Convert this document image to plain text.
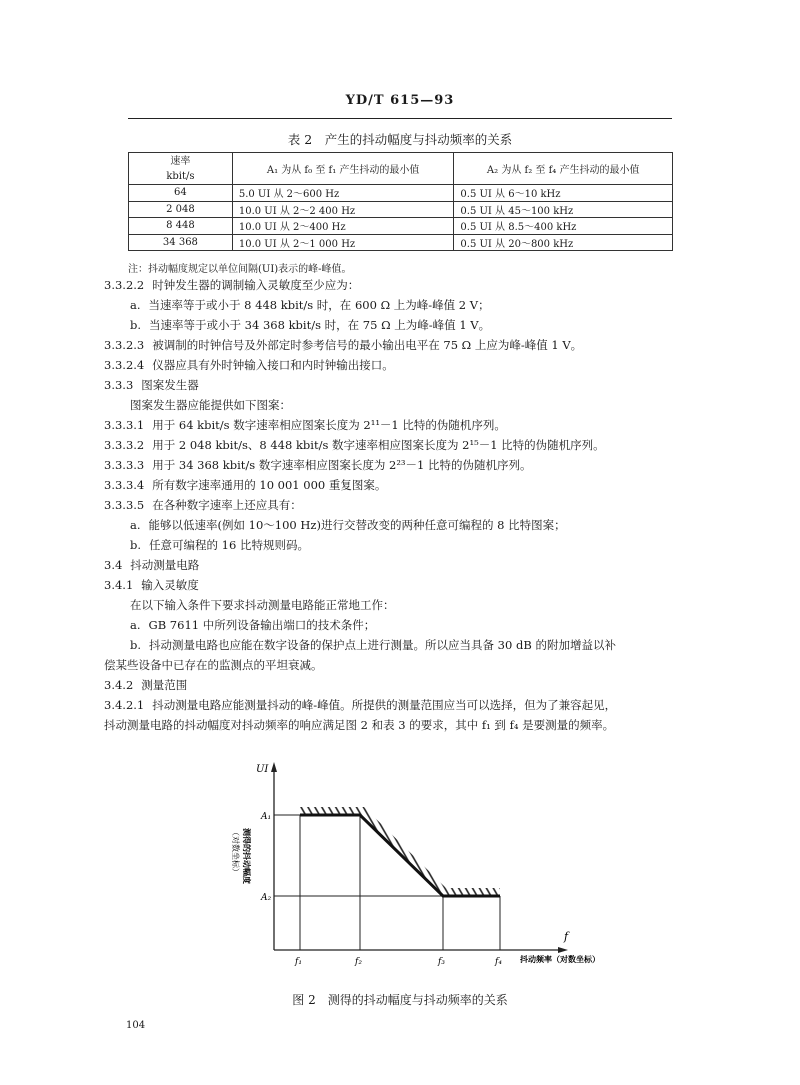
YD/T 615—93
表 2　产生的抖动幅度与抖动频率的关系
速率
kbit/s	A₁ 为从 f₀ 至 f₁ 产生抖动的最小值	A₂ 为从 f₂ 至 f₄ 产生抖动的最小值
64	5.0 UI 从 2～600 Hz	0.5 UI 从 6～10 kHz
2 048	10.0 UI 从 2～2 400 Hz	0.5 UI 从 45～100 kHz
8 448	10.0 UI 从 2～400 Hz	0.5 UI 从 8.5～400 kHz
34 368	10.0 UI 从 2～1 000 Hz	0.5 UI 从 20～800 kHz
注：抖动幅度规定以单位间隔(UI)表示的峰-峰值。
3.3.2.2 时钟发生器的调制输入灵敏度至少应为：
a. 当速率等于或小于 8 448 kbit/s 时，在 600 Ω 上为峰-峰值 2 V；
b. 当速率等于或小于 34 368 kbit/s 时，在 75 Ω 上为峰-峰值 1 V。
3.3.2.3 被调制的时钟信号及外部定时参考信号的最小输出电平在 75 Ω 上应为峰-峰值 1 V。
3.3.2.4 仪器应具有外时钟输入接口和内时钟输出接口。
3.3.3 图案发生器
图案发生器应能提供如下图案：
3.3.3.1 用于 64 kbit/s 数字速率相应图案长度为 2¹¹－1 比特的伪随机序列。
3.3.3.2 用于 2 048 kbit/s、8 448 kbit/s 数字速率相应图案长度为 2¹⁵－1 比特的伪随机序列。
3.3.3.3 用于 34 368 kbit/s 数字速率相应图案长度为 2²³－1 比特的伪随机序列。
3.3.3.4 所有数字速率通用的 10 001 000 重复图案。
3.3.3.5 在各种数字速率上还应具有：
a. 能够以低速率(例如 10～100 Hz)进行交替改变的两种任意可编程的 8 比特图案；
b. 任意可编程的 16 比特规则码。
3.4 抖动测量电路
3.4.1 输入灵敏度
在以下输入条件下要求抖动测量电路能正常地工作：
a. GB 7611 中所列设备输出端口的技术条件；
b. 抖动测量电路也应能在数字设备的保护点上进行测量。所以应当具备 30 dB 的附加增益以补
偿某些设备中已存在的监测点的平坦衰减。
3.4.2 测量范围
3.4.2.1 抖动测量电路应能测量抖动的峰-峰值。所提供的测量范围应当可以选择，但为了兼容起见，
抖动测量电路的抖动幅度对抖动频率的响应满足图 2 和表 3 的要求，其中 f₁ 到 f₄ 是要测量的频率。
UI
f
A₁
A₂
f₁	f₂	f₃	f₄ 抖动频率（对数坐标）
测得的抖动幅度
（对数坐标）
图 2　测得的抖动幅度与抖动频率的关系
104
